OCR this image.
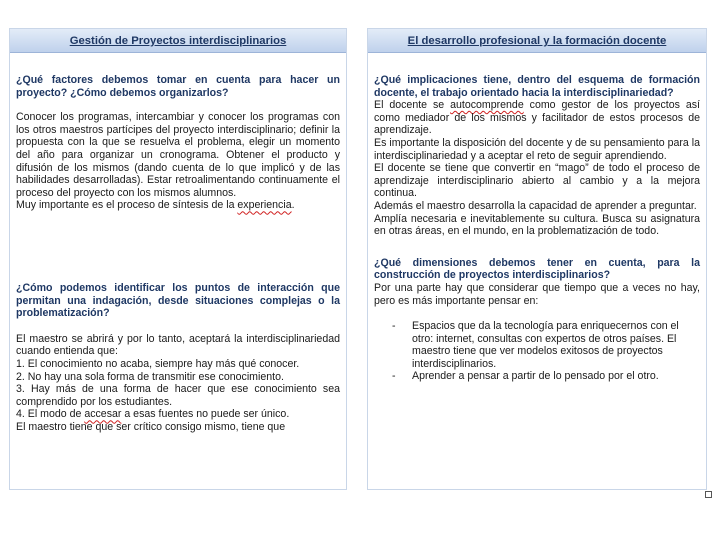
Gestión de Proyectos interdisciplinarios

¿Qué factores debemos tomar en cuenta para hacer un proyecto? ¿Cómo debemos organizarlos?

Conocer los programas, intercambiar y conocer los programas con los otros maestros partícipes del proyecto interdisciplinario; definir la propuesta con la que se resuelva el problema, elegir un momento del año para organizar un cronograma. Obtener el producto y difusión de los mismos (dando cuenta de lo que implicó y de las habilidades desarrolladas). Estar retroalimentando continuamente el proceso del proyecto con los mismos alumnos.

Muy importante es el proceso de síntesis de la experiencia.

¿Cómo podemos identificar los puntos de interacción que permitan una indagación, desde situaciones complejas o la problematización?

El maestro se abrirá y por lo tanto, aceptará la interdisciplinariedad cuando entienda que:

1. El conocimiento no acaba, siempre hay más qué conocer.

2. No hay una sola forma de transmitir ese conocimiento.

3. Hay más de una forma de hacer que ese conocimiento sea comprendido por los estudiantes.

4. El modo de accesar a esas fuentes no puede ser único.

El maestro tiene que ser crítico consigo mismo, tiene que

El desarrollo profesional y la formación docente

¿Qué implicaciones tiene, dentro del esquema de formación docente, el trabajo orientado hacia la interdisciplinariedad?

El docente se autocomprende como gestor de los proyectos así como mediador de los mismos y facilitador de estos procesos de aprendizaje.

Es importante la disposición del docente y de su pensamiento para la interdisciplinariedad y a aceptar el reto de seguir aprendiendo.

El docente se tiene que convertir en “mago” de todo el proceso de aprendizaje interdisciplinario abierto al cambio y a la mejora continua.

Además el maestro desarrolla la capacidad de aprender a preguntar.

Amplía necesaria e inevitablemente su cultura. Busca su asignatura en otras áreas, en el mundo, en la problematización de todo.

¿Qué dimensiones debemos tener en cuenta, para la construcción de proyectos interdisciplinarios?

Por una parte hay que considerar que tiempo que a veces no hay, pero es más importante pensar en:

- Espacios que da la tecnología para enriquecernos con el otro: internet, consultas con expertos de otros países. El maestro tiene que ver modelos exitosos de proyectos interdisciplinarios.
- Aprender a pensar a partir de lo pensado por el otro.
